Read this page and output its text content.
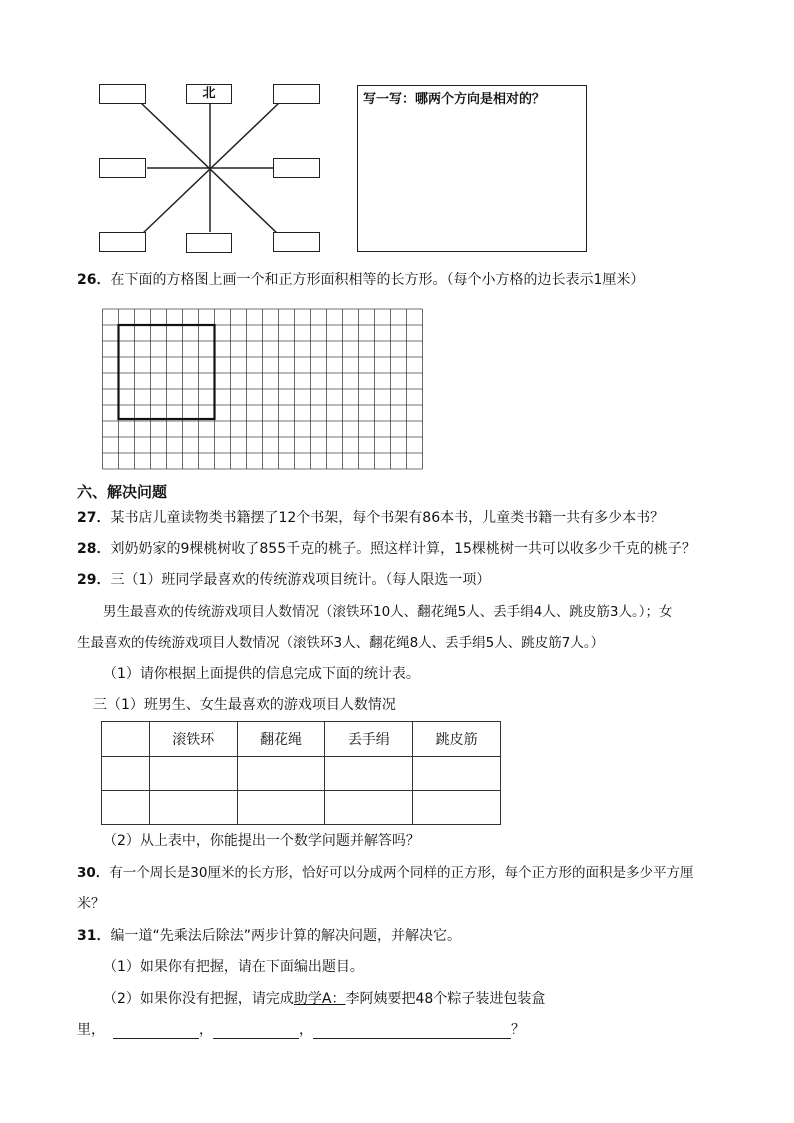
北	写一写：哪两个方向是相对的？
26．在下面的方格图上画一个和正方形面积相等的长方形。（每个小方格的边长表示1厘米）
六、解决问题
27．某书店儿童读物类书籍摆了12个书架，每个书架有86本书，儿童类书籍一共有多少本书？
28．刘奶奶家的9棵桃树收了855千克的桃子。照这样计算，15棵桃树一共可以收多少千克的桃子？
29．三（1）班同学最喜欢的传统游戏项目统计。（每人限选一项）
男生最喜欢的传统游戏项目人数情况（滚铁环10人、翻花绳5人、丢手绢4人、跳皮筋3人。）；女
生最喜欢的传统游戏项目人数情况（滚铁环3人、翻花绳8人、丢手绢5人、跳皮筋7人。）
（1）请你根据上面提供的信息完成下面的统计表。
三（1）班男生、女生最喜欢的游戏项目人数情况
	滚铁环	翻花绳	丢手绢	跳皮筋

（2）从上表中，你能提出一个数学问题并解答吗？
30．有一个周长是30厘米的长方形，恰好可以分成两个同样的正方形，每个正方形的面积是多少平方厘
米？
31．编一道“先乘法后除法”两步计算的解决问题，并解决它。
（1）如果你有把握，请在下面编出题目。
（2）如果你没有把握，请完成助学A：李阿姨要把48个粽子装进包装盒
里，	，	，	？
